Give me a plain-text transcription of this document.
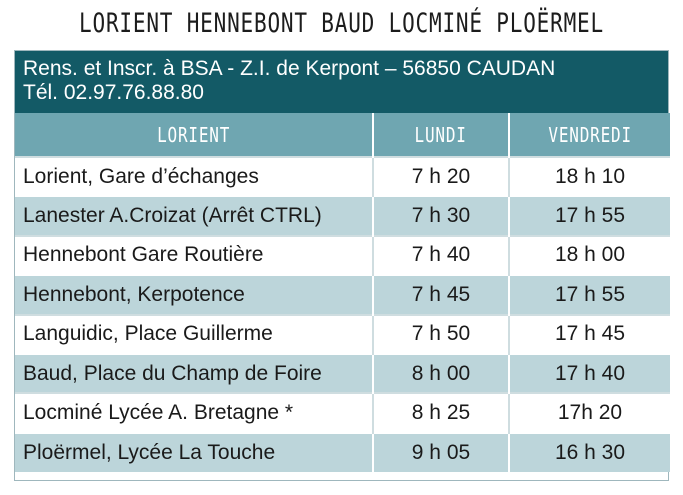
LORIENT HENNEBONT BAUD LOCMINÉ PLOËRMEL
Rens. et Inscr. à BSA - Z.I. de Kerpont – 56850 CAUDAN
Tél. 02.97.76.88.80
LORIENT	LUNDI	VENDREDI
Lorient, Gare d’échanges	7 h 20	18 h 10
Lanester A.Croizat (Arrêt CTRL)	7 h 30	17 h 55
Hennebont Gare Routière	7 h 40	18 h 00
Hennebont, Kerpotence	7 h 45	17 h 55
Languidic, Place Guillerme	7 h 50	17 h 45
Baud, Place du Champ de Foire	8 h 00	17 h 40
Locminé Lycée A. Bretagne *	8 h 25	17h 20
Ploërmel, Lycée La Touche	9 h 05	16 h 30
